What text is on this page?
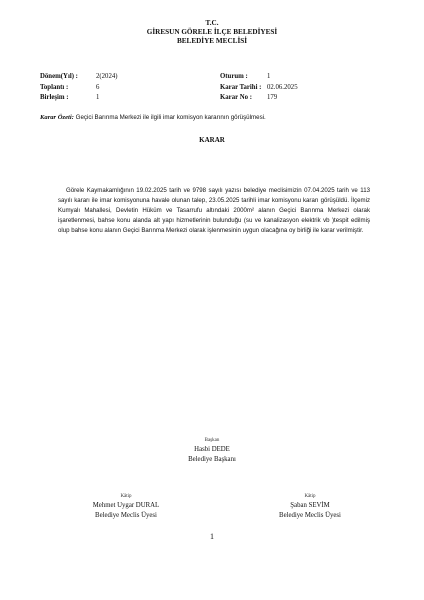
T.C.
GİRESUN GÖRELE İLÇE BELEDİYESİ
BELEDİYE MECLİSİ
Dönem(Yıl) :	2(2024)	Oturum :	1
Toplantı :	6	Karar Tarihi : 02.06.2025
Birleşim :	1	Karar No : 179
Karar Özeti: Geçici Barınma Merkezi ile ilgili imar komisyon kararının görüşülmesi.
KARAR
Görele Kaymakamlığının 19.02.2025 tarih ve 9798 sayılı yazısı belediye meclisimizin 07.04.2025 tarih ve 113 sayılı kararı ile imar komisyonuna havale olunan talep, 23.05.2025 tarihli imar komisyonu kararı görüşüldü. İlçemiz Kumyalı Mahallesi, Devletin Hüküm ve Tasarrufu altındaki 2000m² alanın Geçici Barınma Merkezi olarak işaretlenmesi, bahse konu alanda alt yapı hizmetlerinin bulunduğu (su ve kanalizasyon elektrik vb )tespit edilmiş olup bahse konu alanın Geçici Barınma Merkezi olarak işlenmesinin uygun olacağına oy birliği ile karar verilmiştir.
Başkan
Hasbi DEDE
Belediye Başkanı
Kâtip
Mehmet Uygar DURAL
Belediye Meclis Üyesi
Kâtip
Şaban SEVİM
Belediye Meclis Üyesi
1
